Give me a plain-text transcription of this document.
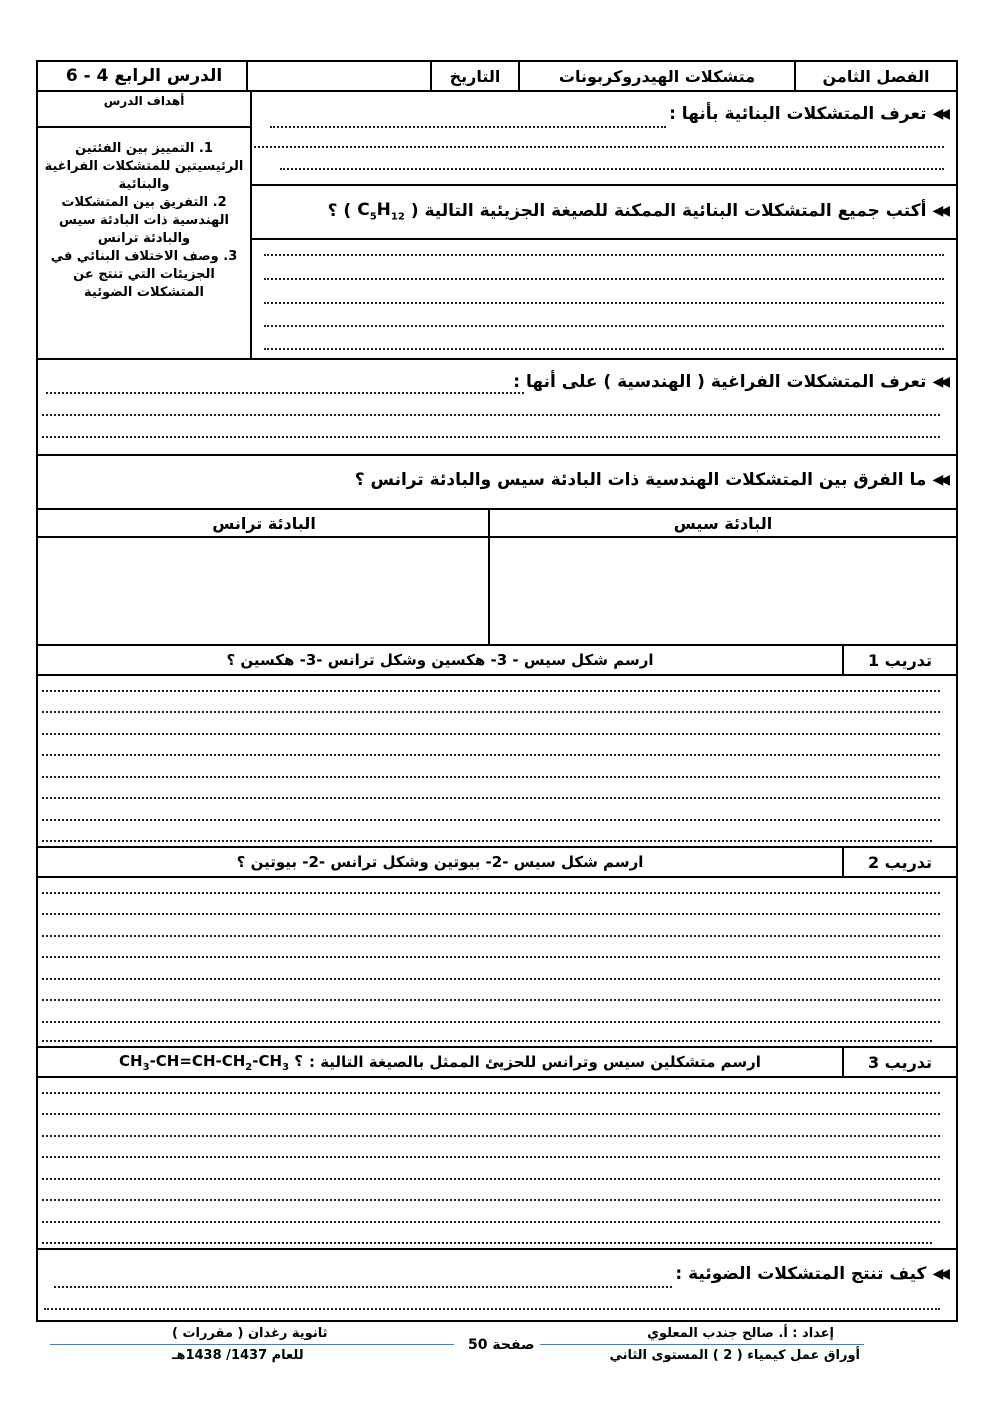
الفصل الثامن
متشكلات الهيدروكربونات
التاريخ
الدرس الرابع 4 - 6
أهداف الدرس
1. التمييز بين الفئتين الرئيسيتين للمتشكلات الفراغية والبنائية
2. التفريق بين المتشكلات الهندسية ذات البادئة سيس والبادئة ترانس
3. وصف الاختلاف البنائي في الجزيئات التي تنتج عن المتشكلات الضوئية
◀◀
تعرف المتشكلات البنائية بأنها :
◀◀
أكتب جميع المتشكلات البنائية الممكنة للصيغة الجزيئية التالية (
$C_5H_{12}$
) ؟
◀◀
تعرف المتشكلات الفراغية ( الهندسية ) على أنها :
◀◀
ما الفرق بين المتشكلات الهندسية ذات البادئة سيس والبادئة ترانس ؟
البادئة سيس
البادئة ترانس
تدريب 1
ارسم شكل سيس - 3- هكسين وشكل ترانس -3- هكسين ؟
تدريب 2
ارسم شكل سيس -2- بيوتين وشكل ترانس -2- بيوتين ؟
تدريب 3
ارسم متشكلين سيس وترانس للحزيئ الممثل بالصيغة التالية :
$CH_3-CH=CH-CH_2-CH_3$ ؟
◀◀
كيف تنتج المتشكلات الضوئية :
إعداد : أ. صالح جندب المعلوي
أوراق عمل كيمياء ( 2 ) المستوى الثاني
صفحة 50
ثانوية رغدان ( مقررات )
للعام 1437/ 1438هـ
